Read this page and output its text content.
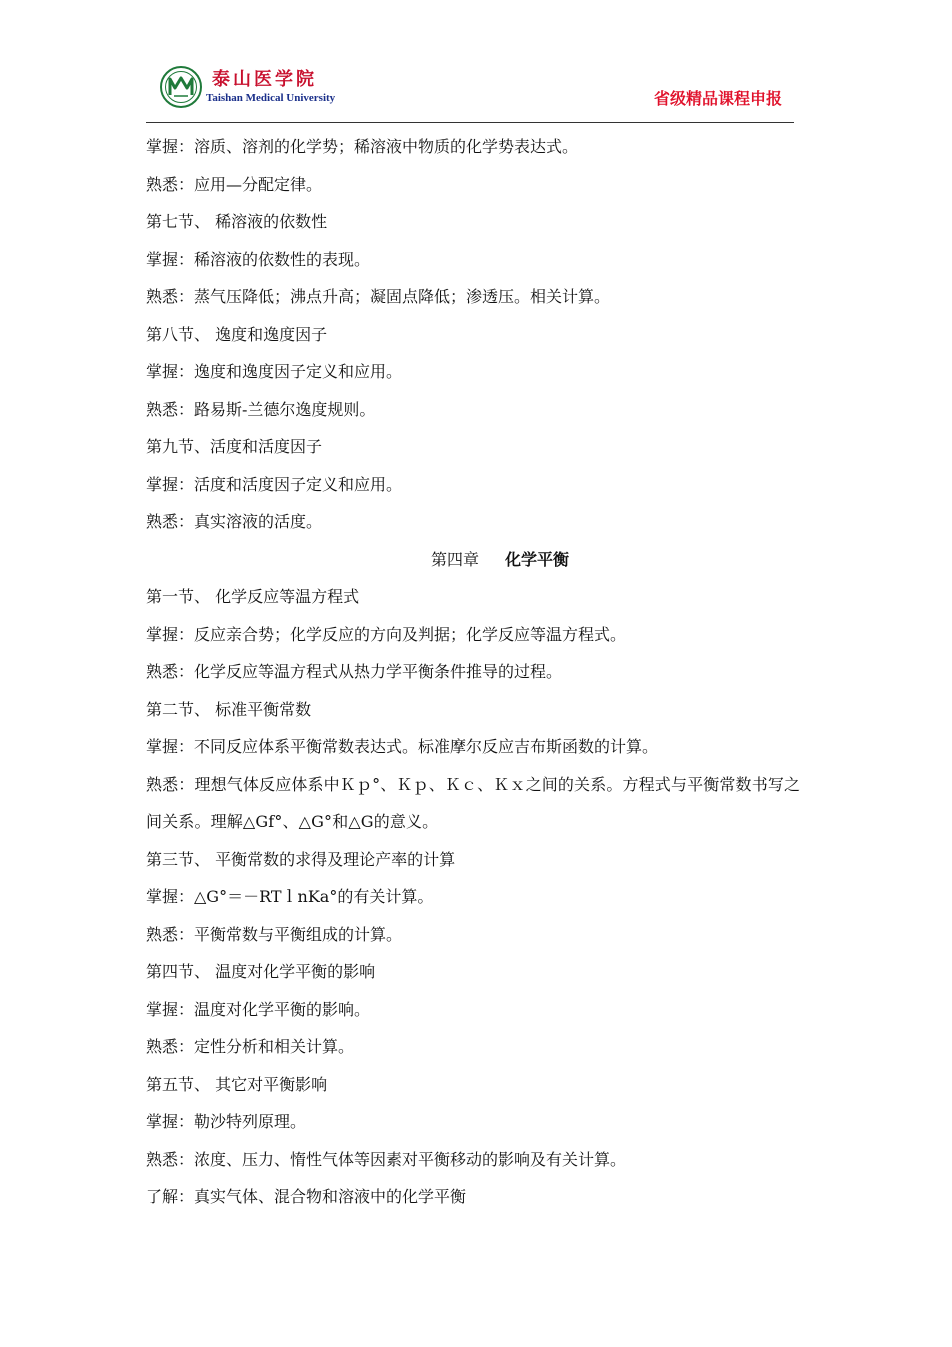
泰山医学院
Taishan Medical University	省级精品课程申报
掌握：溶质、溶剂的化学势；稀溶液中物质的化学势表达式。
熟悉：应用—分配定律。
第七节、 稀溶液的依数性
掌握：稀溶液的依数性的表现。
熟悉：蒸气压降低；沸点升高；凝固点降低；渗透压。相关计算。
第八节、 逸度和逸度因子
掌握：逸度和逸度因子定义和应用。
熟悉：路易斯-兰德尔逸度规则。
第九节、活度和活度因子
掌握：活度和活度因子定义和应用。
熟悉：真实溶液的活度。
第四章 化学平衡
第一节、 化学反应等温方程式
掌握：反应亲合势；化学反应的方向及判据；化学反应等温方程式。
熟悉：化学反应等温方程式从热力学平衡条件推导的过程。
第二节、 标准平衡常数
掌握：不同反应体系平衡常数表达式。标准摩尔反应吉布斯函数的计算。
熟悉：理想气体反应体系中Ｋｐ°、Ｋｐ、Ｋｃ、Ｋｘ之间的关系。方程式与平衡常数书写之间关系。理解△Gf°、△G°和△G的意义。
第三节、 平衡常数的求得及理论产率的计算
掌握：△G°＝－RTｌnKa°的有关计算。
熟悉：平衡常数与平衡组成的计算。
第四节、 温度对化学平衡的影响
掌握：温度对化学平衡的影响。
熟悉：定性分析和相关计算。
第五节、 其它对平衡影响
掌握：勒沙特列原理。
熟悉：浓度、压力、惰性气体等因素对平衡移动的影响及有关计算。
了解：真实气体、混合物和溶液中的化学平衡
